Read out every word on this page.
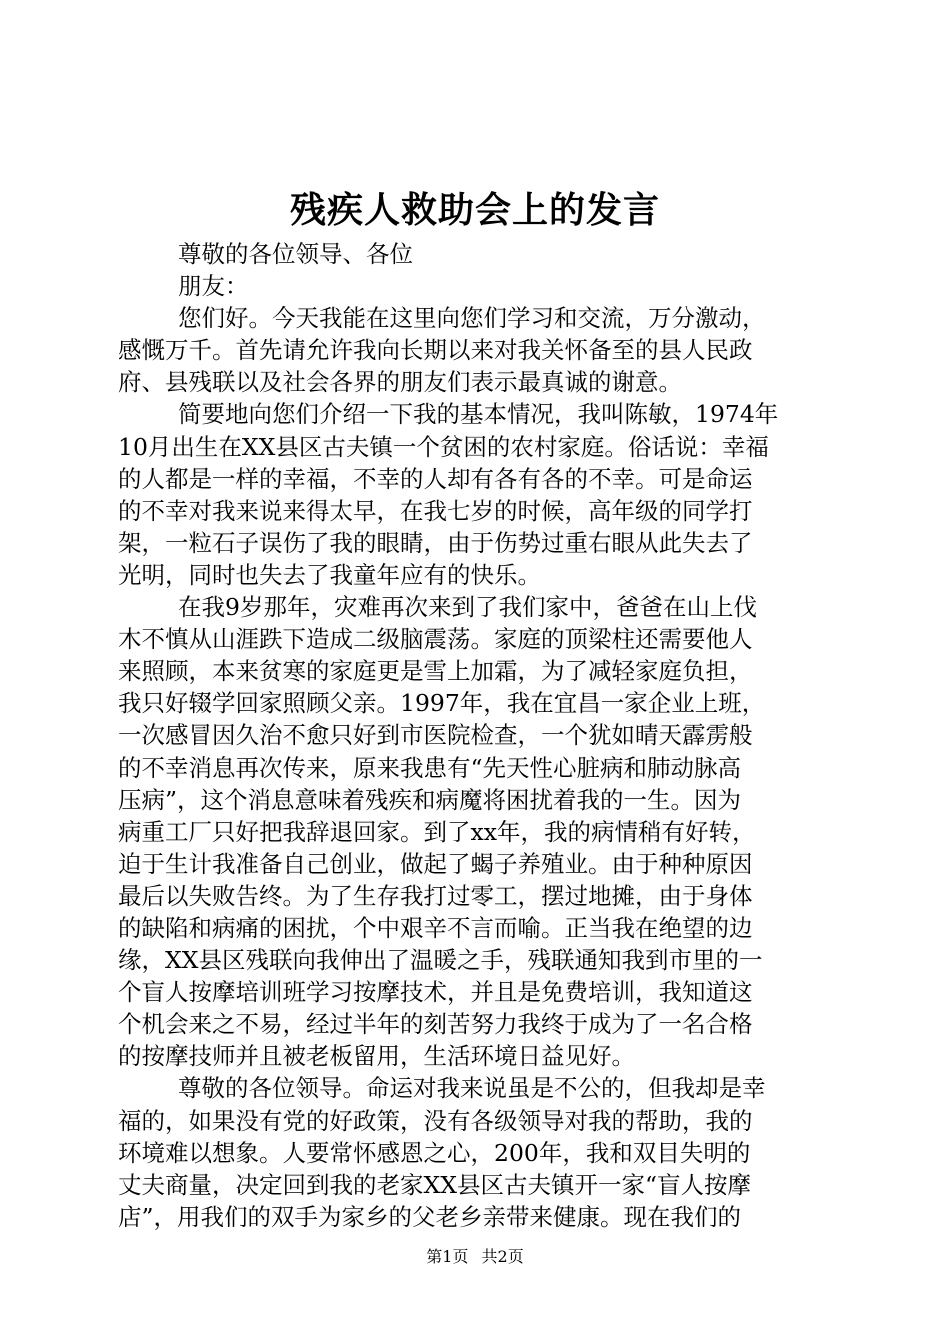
残疾人救助会上的发言
尊敬的各位领导、各位
朋友：
您们好。今天我能在这里向您们学习和交流，万分激动，
感慨万千。首先请允许我向长期以来对我关怀备至的县人民政
府、县残联以及社会各界的朋友们表示最真诚的谢意。
简要地向您们介绍一下我的基本情况，我叫陈敏，1974年
10月出生在XX县区古夫镇一个贫困的农村家庭。俗话说：幸福
的人都是一样的幸福，不幸的人却有各有各的不幸。可是命运
的不幸对我来说来得太早，在我七岁的时候，高年级的同学打
架，一粒石子误伤了我的眼睛，由于伤势过重右眼从此失去了
光明，同时也失去了我童年应有的快乐。
在我9岁那年，灾难再次来到了我们家中，爸爸在山上伐
木不慎从山涯跌下造成二级脑震荡。家庭的顶梁柱还需要他人
来照顾，本来贫寒的家庭更是雪上加霜，为了减轻家庭负担，
我只好辍学回家照顾父亲。1997年，我在宜昌一家企业上班，
一次感冒因久治不愈只好到市医院检查，一个犹如晴天霹雳般
的不幸消息再次传来，原来我患有“先天性心脏病和肺动脉高
压病”，这个消息意味着残疾和病魔将困扰着我的一生。因为
病重工厂只好把我辞退回家。到了xx年，我的病情稍有好转，
迫于生计我准备自己创业，做起了蝎子养殖业。由于种种原因
最后以失败告终。为了生存我打过零工，摆过地摊，由于身体
的缺陷和病痛的困扰，个中艰辛不言而喻。正当我在绝望的边
缘，XX县区残联向我伸出了温暖之手，残联通知我到市里的一
个盲人按摩培训班学习按摩技术，并且是免费培训，我知道这
个机会来之不易，经过半年的刻苦努力我终于成为了一名合格
的按摩技师并且被老板留用，生活环境日益见好。
尊敬的各位领导。命运对我来说虽是不公的，但我却是幸
福的，如果没有党的好政策，没有各级领导对我的帮助，我的
环境难以想象。人要常怀感恩之心，200年，我和双目失明的
丈夫商量，决定回到我的老家XX县区古夫镇开一家“盲人按摩
店”，用我们的双手为家乡的父老乡亲带来健康。现在我们的
第1页 共2页
